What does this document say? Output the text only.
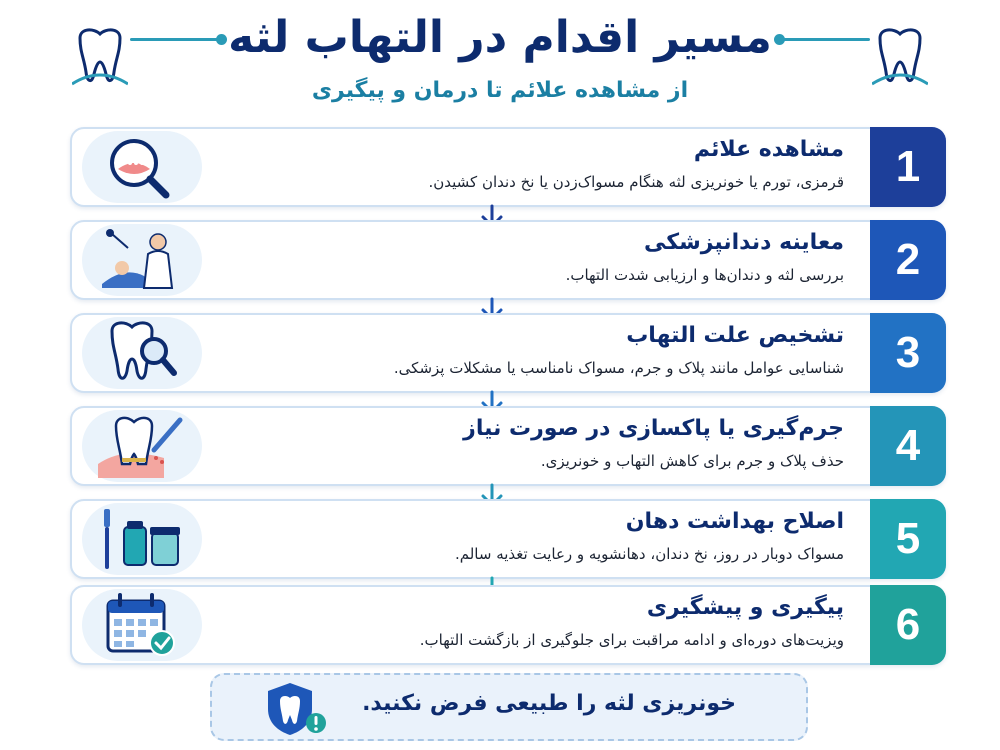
مسیر اقدام در التهاب لثه
از مشاهده علائم تا درمان و پیگیری
1
مشاهده علائم
قرمزی، تورم یا خونریزی لثه هنگام مسواک‌زدن یا نخ دندان کشیدن.
2
معاینه دندانپزشکی
بررسی لثه و دندان‌ها و ارزیابی شدت التهاب.
3
تشخیص علت التهاب
شناسایی عوامل مانند پلاک و جرم، مسواک نامناسب یا مشکلات پزشکی.
4
جرم‌گیری یا پاکسازی در صورت نیاز
حذف پلاک و جرم برای کاهش التهاب و خونریزی.
5
اصلاح بهداشت دهان
مسواک دوبار در روز، نخ دندان، دهانشویه و رعایت تغذیه سالم.
6
پیگیری و پیشگیری
ویزیت‌های دوره‌ای و ادامه مراقبت برای جلوگیری از بازگشت التهاب.
خونریزی لثه را طبیعی فرض نکنید.
